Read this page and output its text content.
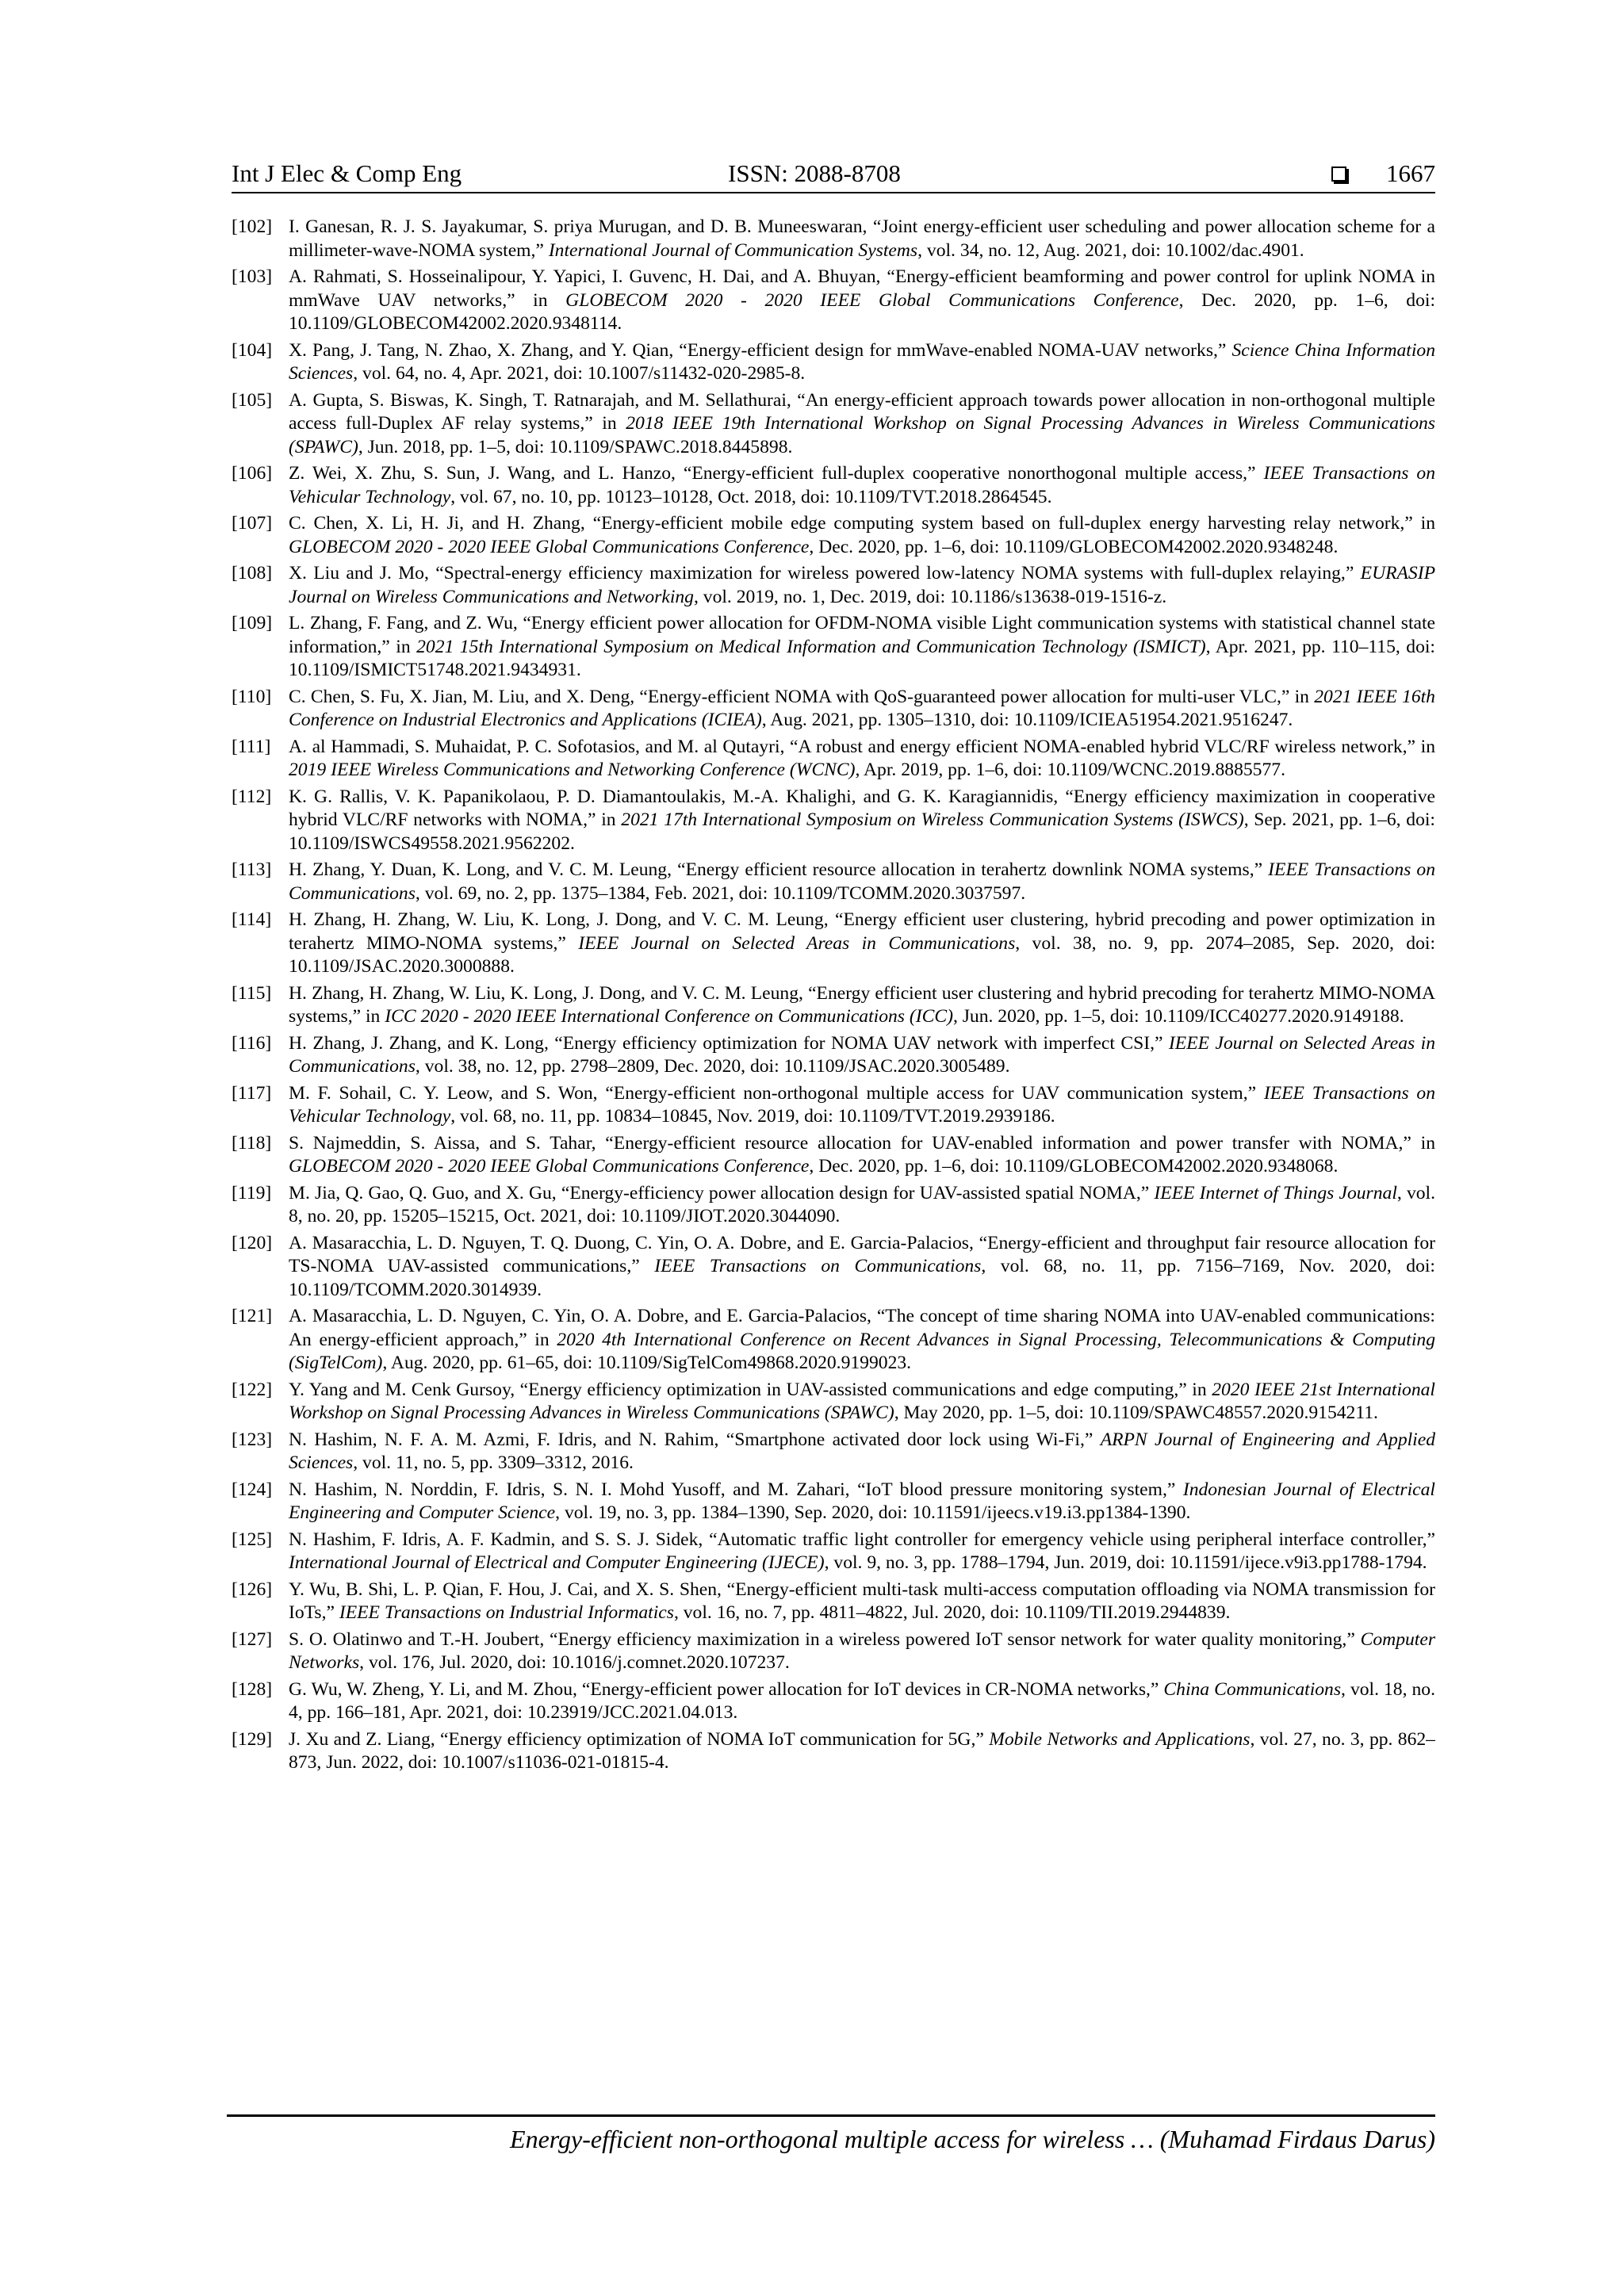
Int J Elec & Comp Eng	ISSN: 2088-8708	1667
[102] I. Ganesan, R. J. S. Jayakumar, S. priya Murugan, and D. B. Muneeswaran, “Joint energy-efficient user scheduling and power allocation scheme for a millimeter-wave-NOMA system,” International Journal of Communication Systems, vol. 34, no. 12, Aug. 2021, doi: 10.1002/dac.4901.
[103] A. Rahmati, S. Hosseinalipour, Y. Yapici, I. Guvenc, H. Dai, and A. Bhuyan, “Energy-efficient beamforming and power control for uplink NOMA in mmWave UAV networks,” in GLOBECOM 2020 - 2020 IEEE Global Communications Conference, Dec. 2020, pp. 1–6, doi: 10.1109/GLOBECOM42002.2020.9348114.
[104] X. Pang, J. Tang, N. Zhao, X. Zhang, and Y. Qian, “Energy-efficient design for mmWave-enabled NOMA-UAV networks,” Science China Information Sciences, vol. 64, no. 4, Apr. 2021, doi: 10.1007/s11432-020-2985-8.
[105] A. Gupta, S. Biswas, K. Singh, T. Ratnarajah, and M. Sellathurai, “An energy-efficient approach towards power allocation in non-orthogonal multiple access full-Duplex AF relay systems,” in 2018 IEEE 19th International Workshop on Signal Processing Advances in Wireless Communications (SPAWC), Jun. 2018, pp. 1–5, doi: 10.1109/SPAWC.2018.8445898.
[106] Z. Wei, X. Zhu, S. Sun, J. Wang, and L. Hanzo, “Energy-efficient full-duplex cooperative nonorthogonal multiple access,” IEEE Transactions on Vehicular Technology, vol. 67, no. 10, pp. 10123–10128, Oct. 2018, doi: 10.1109/TVT.2018.2864545.
[107] C. Chen, X. Li, H. Ji, and H. Zhang, “Energy-efficient mobile edge computing system based on full-duplex energy harvesting relay network,” in GLOBECOM 2020 - 2020 IEEE Global Communications Conference, Dec. 2020, pp. 1–6, doi: 10.1109/GLOBECOM42002.2020.9348248.
[108] X. Liu and J. Mo, “Spectral-energy efficiency maximization for wireless powered low-latency NOMA systems with full-duplex relaying,” EURASIP Journal on Wireless Communications and Networking, vol. 2019, no. 1, Dec. 2019, doi: 10.1186/s13638-019-1516-z.
[109] L. Zhang, F. Fang, and Z. Wu, “Energy efficient power allocation for OFDM-NOMA visible Light communication systems with statistical channel state information,” in 2021 15th International Symposium on Medical Information and Communication Technology (ISMICT), Apr. 2021, pp. 110–115, doi: 10.1109/ISMICT51748.2021.9434931.
[110] C. Chen, S. Fu, X. Jian, M. Liu, and X. Deng, “Energy-efficient NOMA with QoS-guaranteed power allocation for multi-user VLC,” in 2021 IEEE 16th Conference on Industrial Electronics and Applications (ICIEA), Aug. 2021, pp. 1305–1310, doi: 10.1109/ICIEA51954.2021.9516247.
[111] A. al Hammadi, S. Muhaidat, P. C. Sofotasios, and M. al Qutayri, “A robust and energy efficient NOMA-enabled hybrid VLC/RF wireless network,” in 2019 IEEE Wireless Communications and Networking Conference (WCNC), Apr. 2019, pp. 1–6, doi: 10.1109/WCNC.2019.8885577.
[112] K. G. Rallis, V. K. Papanikolaou, P. D. Diamantoulakis, M.-A. Khalighi, and G. K. Karagiannidis, “Energy efficiency maximization in cooperative hybrid VLC/RF networks with NOMA,” in 2021 17th International Symposium on Wireless Communication Systems (ISWCS), Sep. 2021, pp. 1–6, doi: 10.1109/ISWCS49558.2021.9562202.
[113] H. Zhang, Y. Duan, K. Long, and V. C. M. Leung, “Energy efficient resource allocation in terahertz downlink NOMA systems,” IEEE Transactions on Communications, vol. 69, no. 2, pp. 1375–1384, Feb. 2021, doi: 10.1109/TCOMM.2020.3037597.
[114] H. Zhang, H. Zhang, W. Liu, K. Long, J. Dong, and V. C. M. Leung, “Energy efficient user clustering, hybrid precoding and power optimization in terahertz MIMO-NOMA systems,” IEEE Journal on Selected Areas in Communications, vol. 38, no. 9, pp. 2074–2085, Sep. 2020, doi: 10.1109/JSAC.2020.3000888.
[115] H. Zhang, H. Zhang, W. Liu, K. Long, J. Dong, and V. C. M. Leung, “Energy efficient user clustering and hybrid precoding for terahertz MIMO-NOMA systems,” in ICC 2020 - 2020 IEEE International Conference on Communications (ICC), Jun. 2020, pp. 1–5, doi: 10.1109/ICC40277.2020.9149188.
[116] H. Zhang, J. Zhang, and K. Long, “Energy efficiency optimization for NOMA UAV network with imperfect CSI,” IEEE Journal on Selected Areas in Communications, vol. 38, no. 12, pp. 2798–2809, Dec. 2020, doi: 10.1109/JSAC.2020.3005489.
[117] M. F. Sohail, C. Y. Leow, and S. Won, “Energy-efficient non-orthogonal multiple access for UAV communication system,” IEEE Transactions on Vehicular Technology, vol. 68, no. 11, pp. 10834–10845, Nov. 2019, doi: 10.1109/TVT.2019.2939186.
[118] S. Najmeddin, S. Aissa, and S. Tahar, “Energy-efficient resource allocation for UAV-enabled information and power transfer with NOMA,” in GLOBECOM 2020 - 2020 IEEE Global Communications Conference, Dec. 2020, pp. 1–6, doi: 10.1109/GLOBECOM42002.2020.9348068.
[119] M. Jia, Q. Gao, Q. Guo, and X. Gu, “Energy-efficiency power allocation design for UAV-assisted spatial NOMA,” IEEE Internet of Things Journal, vol. 8, no. 20, pp. 15205–15215, Oct. 2021, doi: 10.1109/JIOT.2020.3044090.
[120] A. Masaracchia, L. D. Nguyen, T. Q. Duong, C. Yin, O. A. Dobre, and E. Garcia-Palacios, “Energy-efficient and throughput fair resource allocation for TS-NOMA UAV-assisted communications,” IEEE Transactions on Communications, vol. 68, no. 11, pp. 7156–7169, Nov. 2020, doi: 10.1109/TCOMM.2020.3014939.
[121] A. Masaracchia, L. D. Nguyen, C. Yin, O. A. Dobre, and E. Garcia-Palacios, “The concept of time sharing NOMA into UAV-enabled communications: An energy-efficient approach,” in 2020 4th International Conference on Recent Advances in Signal Processing, Telecommunications & Computing (SigTelCom), Aug. 2020, pp. 61–65, doi: 10.1109/SigTelCom49868.2020.9199023.
[122] Y. Yang and M. Cenk Gursoy, “Energy efficiency optimization in UAV-assisted communications and edge computing,” in 2020 IEEE 21st International Workshop on Signal Processing Advances in Wireless Communications (SPAWC), May 2020, pp. 1–5, doi: 10.1109/SPAWC48557.2020.9154211.
[123] N. Hashim, N. F. A. M. Azmi, F. Idris, and N. Rahim, “Smartphone activated door lock using Wi-Fi,” ARPN Journal of Engineering and Applied Sciences, vol. 11, no. 5, pp. 3309–3312, 2016.
[124] N. Hashim, N. Norddin, F. Idris, S. N. I. Mohd Yusoff, and M. Zahari, “IoT blood pressure monitoring system,” Indonesian Journal of Electrical Engineering and Computer Science, vol. 19, no. 3, pp. 1384–1390, Sep. 2020, doi: 10.11591/ijeecs.v19.i3.pp1384-1390.
[125] N. Hashim, F. Idris, A. F. Kadmin, and S. S. J. Sidek, “Automatic traffic light controller for emergency vehicle using peripheral interface controller,” International Journal of Electrical and Computer Engineering (IJECE), vol. 9, no. 3, pp. 1788–1794, Jun. 2019, doi: 10.11591/ijece.v9i3.pp1788-1794.
[126] Y. Wu, B. Shi, L. P. Qian, F. Hou, J. Cai, and X. S. Shen, “Energy-efficient multi-task multi-access computation offloading via NOMA transmission for IoTs,” IEEE Transactions on Industrial Informatics, vol. 16, no. 7, pp. 4811–4822, Jul. 2020, doi: 10.1109/TII.2019.2944839.
[127] S. O. Olatinwo and T.-H. Joubert, “Energy efficiency maximization in a wireless powered IoT sensor network for water quality monitoring,” Computer Networks, vol. 176, Jul. 2020, doi: 10.1016/j.comnet.2020.107237.
[128] G. Wu, W. Zheng, Y. Li, and M. Zhou, “Energy-efficient power allocation for IoT devices in CR-NOMA networks,” China Communications, vol. 18, no. 4, pp. 166–181, Apr. 2021, doi: 10.23919/JCC.2021.04.013.
[129] J. Xu and Z. Liang, “Energy efficiency optimization of NOMA IoT communication for 5G,” Mobile Networks and Applications, vol. 27, no. 3, pp. 862–873, Jun. 2022, doi: 10.1007/s11036-021-01815-4.
Energy-efficient non-orthogonal multiple access for wireless … (Muhamad Firdaus Darus)
